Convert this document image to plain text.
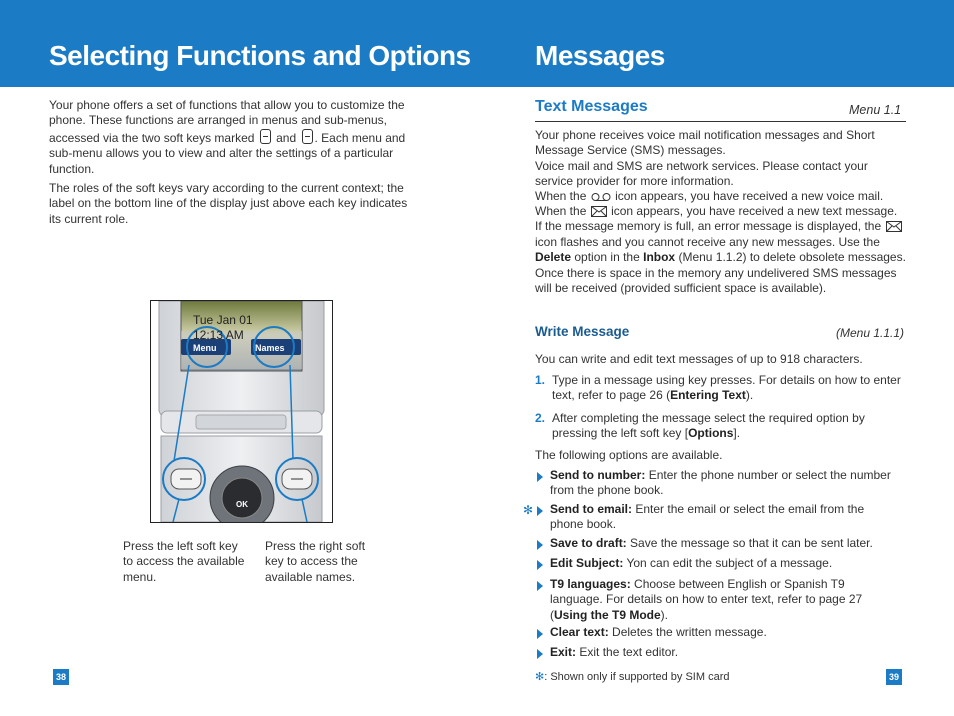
Selecting Functions and Options Messages
Your phone offers a set of functions that allow you to customize the phone. These functions are arranged in menus and sub-menus, accessed via the two soft keys marked and . Each menu and sub-menu allows you to view and alter the settings of a particular function.
The roles of the soft keys vary according to the current context; the label on the bottom line of the display just above each key indicates its current role.
Tue Jan 01
12:13 AM
Menu	Names
OK
Press the left soft key to access the available menu.
Press the right soft key to access the available names.
38
Text Messages	Menu 1.1
Your phone receives voice mail notification messages and Short Message Service (SMS) messages.
Voice mail and SMS are network services. Please contact your service provider for more information.
When the icon appears, you have received a new voice mail.
When the icon appears, you have received a new text message. If the message memory is full, an error message is displayed, the  icon flashes and you cannot receive any new messages. Use the Delete option in the Inbox (Menu 1.1.2) to delete obsolete messages. Once there is space in the memory any undelivered SMS messages will be received (provided sufficient space is available).
Write Message	(Menu 1.1.1)
You can write and edit text messages of up to 918 characters.
1. Type in a message using key presses. For details on how to enter text, refer to page 26 (Entering Text).
2. After completing the message select the required option by pressing the left soft key [Options].
The following options are available.
Send to number: Enter the phone number or select the number from the phone book.
✻ Send to email: Enter the email or select the email from the phone book.
Save to draft: Save the message so that it can be sent later.
Edit Subject: Yon can edit the subject of a message.
T9 languages: Choose between English or Spanish T9 language. For details on how to enter text, refer to page 27 (Using the T9 Mode).
Clear text: Deletes the written message.
Exit: Exit the text editor.
✻: Shown only if supported by SIM card	39
